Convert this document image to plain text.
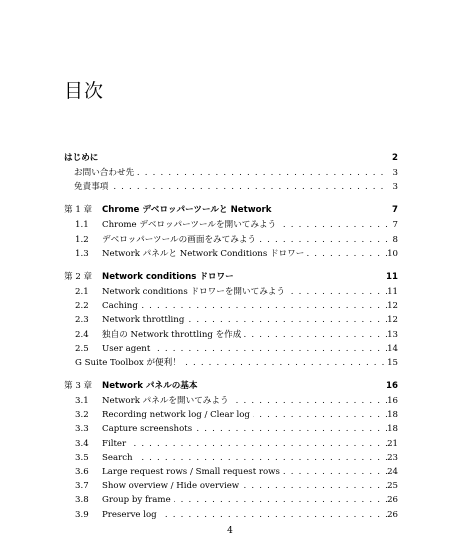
目次
はじめに	2
お問い合わせ先 . . .	3
免責事項 . . .	3
第 1 章 Chrome デベロッパーツールと Network	7
1.1 Chrome デベロッパーツールを開いてみよう . . .	7
1.2 デベロッパーツールの画面をみてみよう . . .	8
1.3 Network パネルと Network Conditions ドロワー . . .	10
第 2 章 Network conditions ドロワー	11
2.1 Network conditions ドロワーを開いてみよう . . .	11
2.2 Caching . . .	12
2.3 Network throttling . . .	12
2.4 独自の Network throttling を作成 . . .	13
2.5 User agent . . .	14
G Suite Toolbox が便利！ . . .	15
第 3 章 Network パネルの基本	16
3.1 Network パネルを開いてみよう . . .	16
3.2 Recording network log / Clear log . . .	18
3.3 Capture screenshots . . .	18
3.4 Filter . . .	21
3.5 Search . . .	23
3.6 Large request rows / Small request rows . . .	24
3.7 Show overview / Hide overview . . .	25
3.8 Group by frame . . .	26
3.9 Preserve log . . .	26
4
